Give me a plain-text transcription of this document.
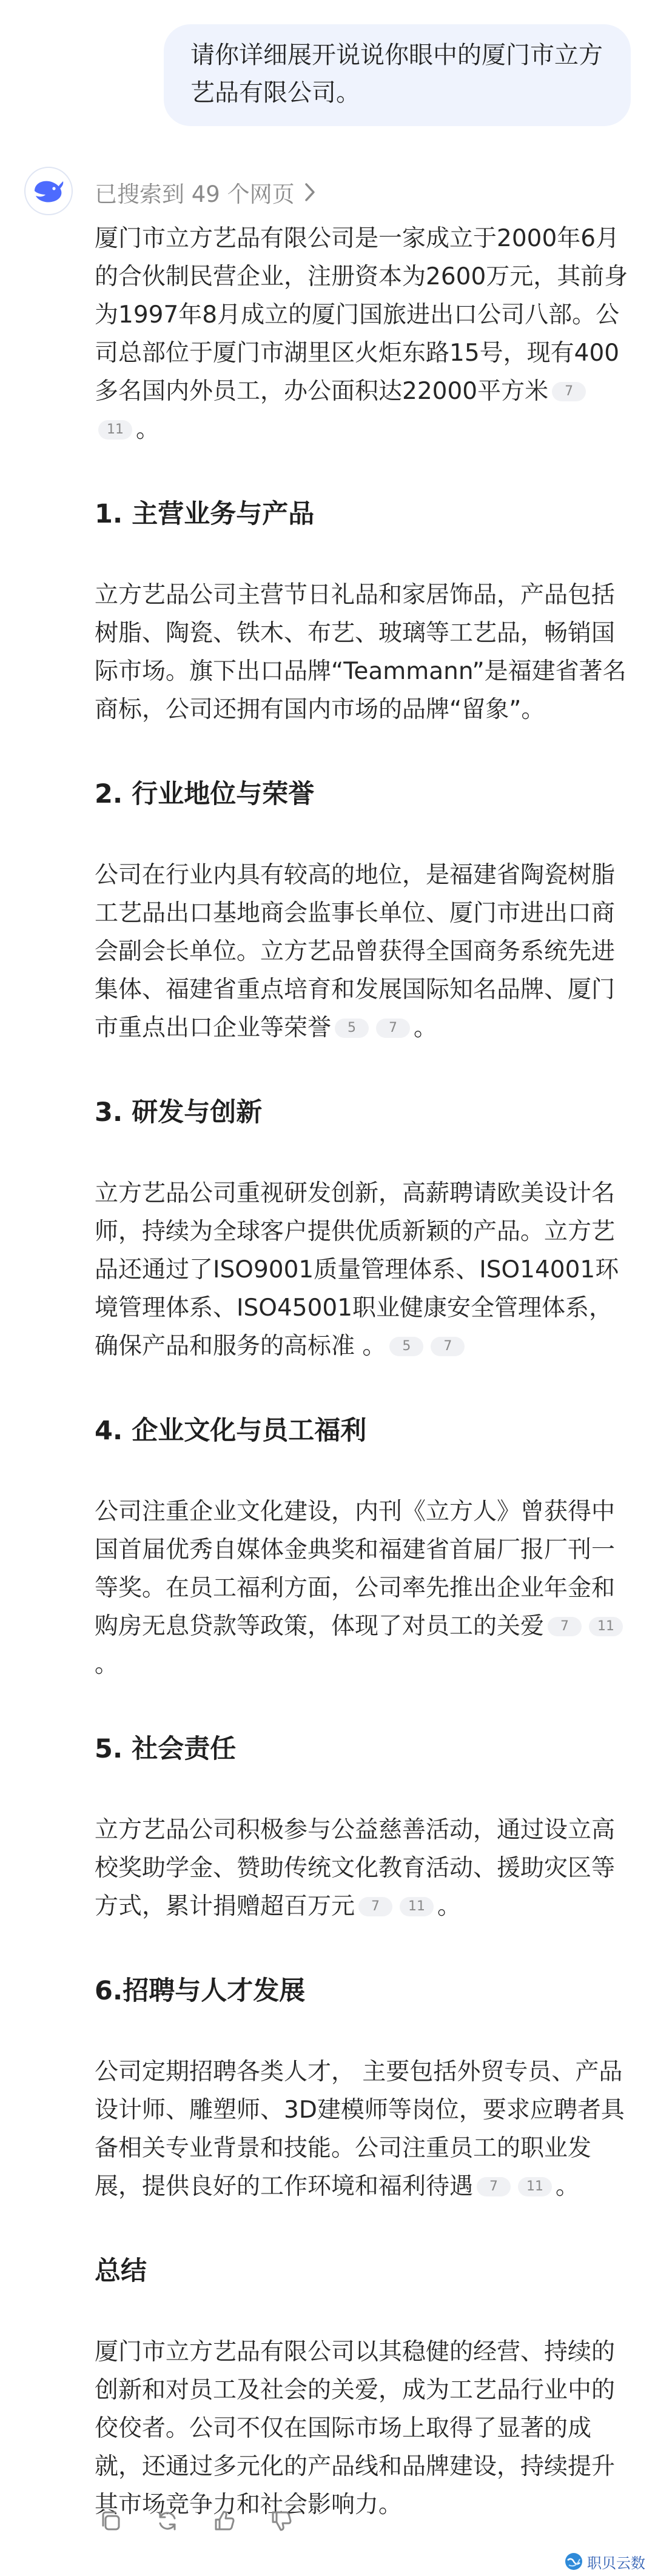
请你详细展开说说你眼中的厦门市立方艺品有限公司。
已搜索到 49 个网页
厦门市立方艺品有限公司是一家成立于2000年6月的合伙制民营企业，注册资本为2600万元，其前身为1997年8月成立的厦门国旅进出口公司八部。公司总部位于厦门市湖里区火炬东路15号，现有400多名国内外员工，办公面积达22000平方米 711 。
1. 主营业务与产品
立方艺品公司主营节日礼品和家居饰品，产品包括树脂、陶瓷、铁木、布艺、玻璃等工艺品，畅销国际市场。旗下出口品牌“Teammann”是福建省著名商标，公司还拥有国内市场的品牌“留象”。
2. 行业地位与荣誉
公司在行业内具有较高的地位，是福建省陶瓷树脂工艺品出口基地商会监事长单位、厦门市进出口商会副会长单位。立方艺品曾获得全国商务系统先进集体、福建省重点培育和发展国际知名品牌、厦门市重点出口企业等荣誉 5 7 。
3. 研发与创新
立方艺品公司重视研发创新，高薪聘请欧美设计名师，持续为全球客户提供优质新颖的产品。立方艺品还通过了ISO9001质量管理体系、ISO14001环境管理体系、ISO45001职业健康安全管理体系，确保产品和服务的高标准 。 5 7
4. 企业文化与员工福利
公司注重企业文化建设，内刊《立方人》曾获得中国首届优秀自媒体金典奖和福建省首届厂报厂刊一等奖。在员工福利方面，公司率先推出企业年金和购房无息贷款等政策，体现了对员工的关爱 7 11。
5. 社会责任
立方艺品公司积极参与公益慈善活动，通过设立高校奖助学金、赞助传统文化教育活动、援助灾区等方式，累计捐赠超百万元 7 11 。
6.招聘与人才发展
公司定期招聘各类人才， 主要包括外贸专员、产品设计师、雕塑师、3D建模师等岗位，要求应聘者具备相关专业背景和技能。公司注重员工的职业发展，提供良好的工作环境和福利待遇 7 11 。
总结
厦门市立方艺品有限公司以其稳健的经营、持续的创新和对员工及社会的关爱，成为工艺品行业中的佼佼者。公司不仅在国际市场上取得了显著的成就，还通过多元化的产品线和品牌建设，持续提升其市场竞争力和社会影响力。
职贝云数
